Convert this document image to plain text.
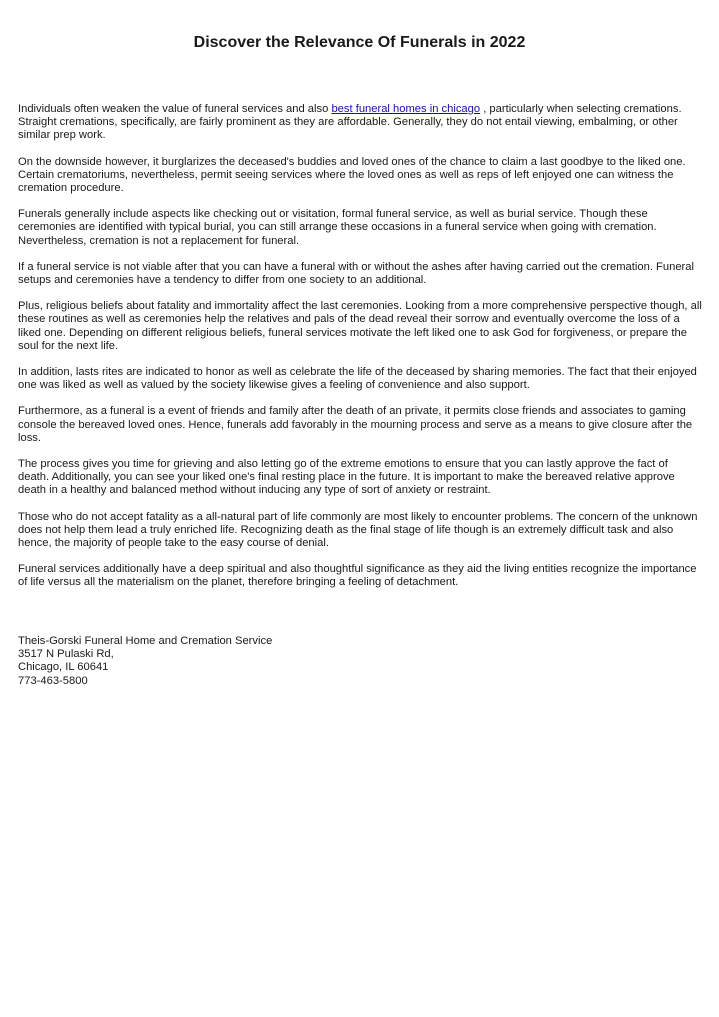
Discover the Relevance Of Funerals in 2022

Individuals often weaken the value of funeral services and also best funeral homes in chicago , particularly when selecting cremations. Straight cremations, specifically, are fairly prominent as they are affordable. Generally, they do not entail viewing, embalming, or other similar prep work.

On the downside however, it burglarizes the deceased's buddies and loved ones of the chance to claim a last goodbye to the liked one. Certain crematoriums, nevertheless, permit seeing services where the loved ones as well as reps of left enjoyed one can witness the cremation procedure.

Funerals generally include aspects like checking out or visitation, formal funeral service, as well as burial service. Though these ceremonies are identified with typical burial, you can still arrange these occasions in a funeral service when going with cremation. Nevertheless, cremation is not a replacement for funeral.

If a funeral service is not viable after that you can have a funeral with or without the ashes after having carried out the cremation. Funeral setups and ceremonies have a tendency to differ from one society to an additional.

Plus, religious beliefs about fatality and immortality affect the last ceremonies. Looking from a more comprehensive perspective though, all these routines as well as ceremonies help the relatives and pals of the dead reveal their sorrow and eventually overcome the loss of a liked one. Depending on different religious beliefs, funeral services motivate the left liked one to ask God for forgiveness, or prepare the soul for the next life.

In addition, lasts rites are indicated to honor as well as celebrate the life of the deceased by sharing memories. The fact that their enjoyed one was liked as well as valued by the society likewise gives a feeling of convenience and also support.

Furthermore, as a funeral is a event of friends and family after the death of an private, it permits close friends and associates to gaming console the bereaved loved ones. Hence, funerals add favorably in the mourning process and serve as a means to give closure after the loss.

The process gives you time for grieving and also letting go of the extreme emotions to ensure that you can lastly approve the fact of death. Additionally, you can see your liked one's final resting place in the future. It is important to make the bereaved relative approve death in a healthy and balanced method without inducing any type of sort of anxiety or restraint.

Those who do not accept fatality as a all-natural part of life commonly are most likely to encounter problems. The concern of the unknown does not help them lead a truly enriched life. Recognizing death as the final stage of life though is an extremely difficult task and also hence, the majority of people take to the easy course of denial.

Funeral services additionally have a deep spiritual and also thoughtful significance as they aid the living entities recognize the importance of life versus all the materialism on the planet, therefore bringing a feeling of detachment.

Theis-Gorski Funeral Home and Cremation Service
3517 N Pulaski Rd,
Chicago, IL 60641
773-463-5800
